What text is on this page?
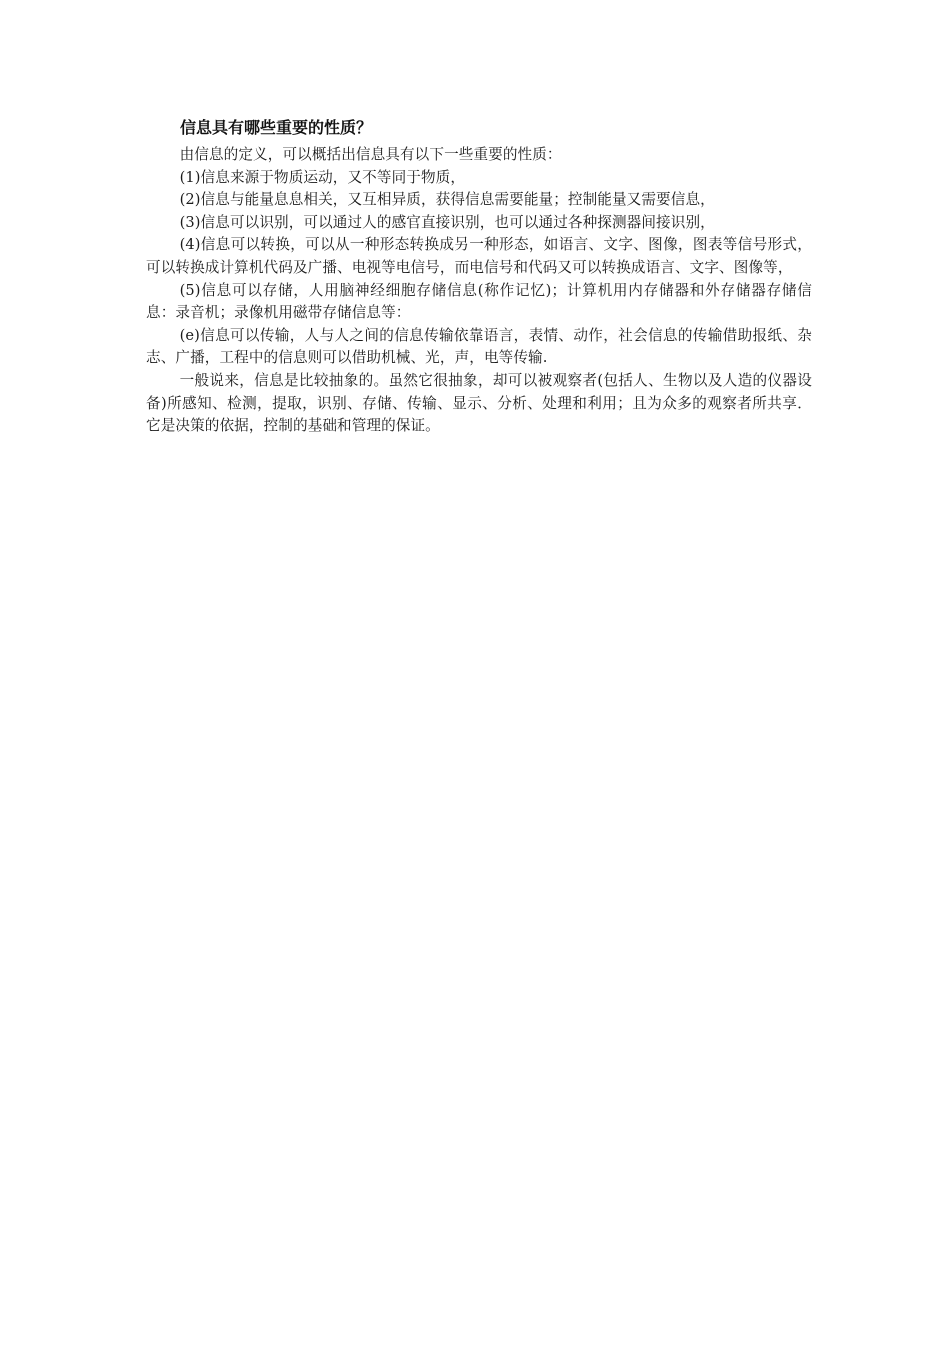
信息具有哪些重要的性质？

由信息的定义，可以概括出信息具有以下一些重要的性质：

(1)信息来源于物质运动，又不等同于物质，

(2)信息与能量息息相关，又互相异质，获得信息需要能量；控制能量又需要信息，

(3)信息可以识别，可以通过人的感官直接识别，也可以通过各种探测器间接识别，

(4)信息可以转换，可以从一种形态转换成另一种形态，如语言、文字、图像，图表等信号形式，可以转换成计算机代码及广播、电视等电信号，而电信号和代码又可以转换成语言、文字、图像等，

(5)信息可以存储，人用脑神经细胞存储信息(称作记忆)；计算机用内存储器和外存储器存储信息：录音机；录像机用磁带存储信息等：

(e)信息可以传输，人与人之间的信息传输依靠语言，表情、动作，社会信息的传输借助报纸、杂志、广播，工程中的信息则可以借助机械、光，声，电等传输.

一般说来，信息是比较抽象的。虽然它很抽象，却可以被观察者(包括人、生物以及人造的仪器设备)所感知、检测，提取，识别、存储、传输、显示、分析、处理和利用；且为众多的观察者所共享．它是决策的依据，控制的基础和管理的保证。
